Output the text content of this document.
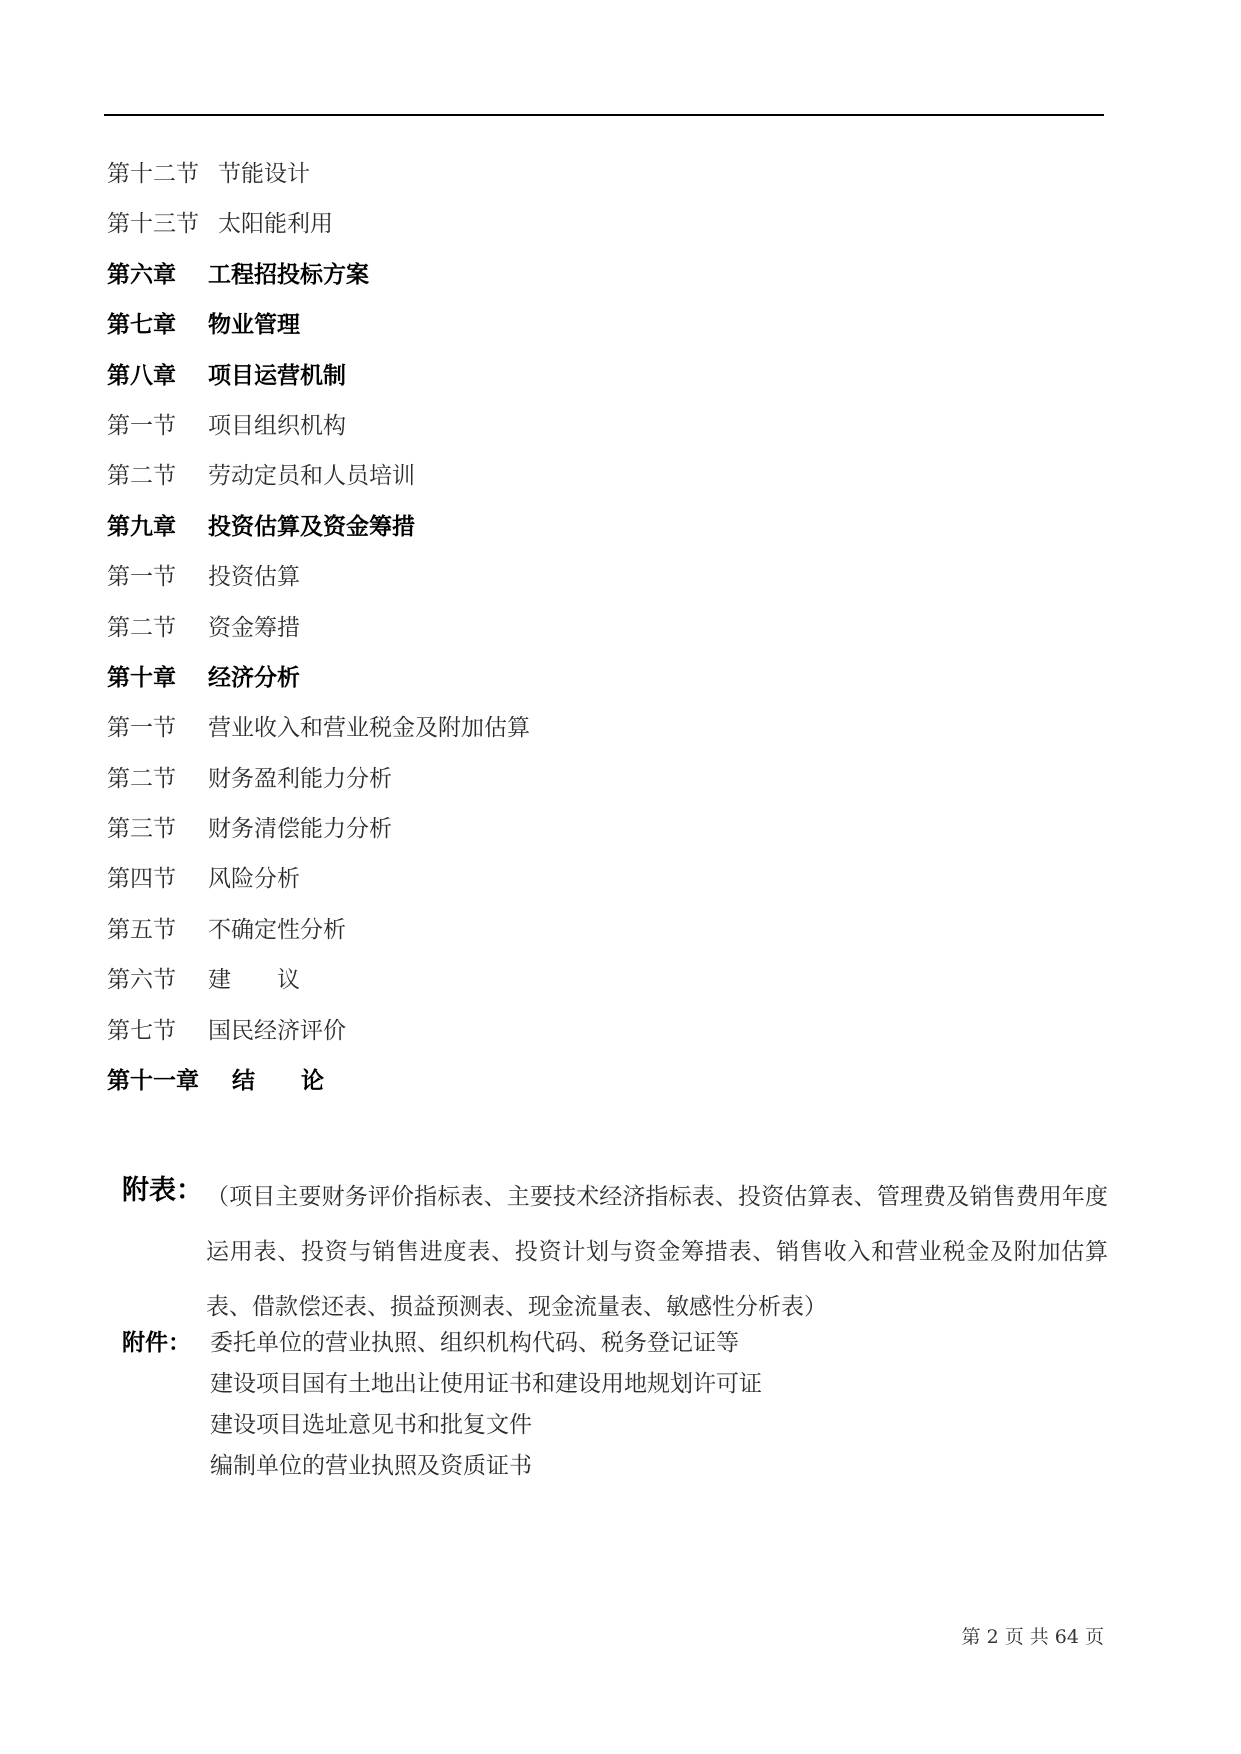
第十二节 节能设计
第十三节 太阳能利用
第六章 工程招投标方案
第七章 物业管理
第八章 项目运营机制
第一节 项目组织机构
第二节 劳动定员和人员培训
第九章 投资估算及资金筹措
第一节 投资估算
第二节 资金筹措
第十章 经济分析
第一节 营业收入和营业税金及附加估算
第二节 财务盈利能力分析
第三节 财务清偿能力分析
第四节 风险分析
第五节 不确定性分析
第六节 建　　议
第七节 国民经济评价
第十一章 结　　论
附表： （项目主要财务评价指标表、主要技术经济指标表、投资估算表、管理费及销售费用年度运用表、投资与销售进度表、投资计划与资金筹措表、销售收入和营业税金及附加估算表、借款偿还表、损益预测表、现金流量表、敏感性分析表）
附件： 委托单位的营业执照、组织机构代码、税务登记证等
建设项目国有土地出让使用证书和建设用地规划许可证
建设项目选址意见书和批复文件
编制单位的营业执照及资质证书
第 2 页 共 64 页
